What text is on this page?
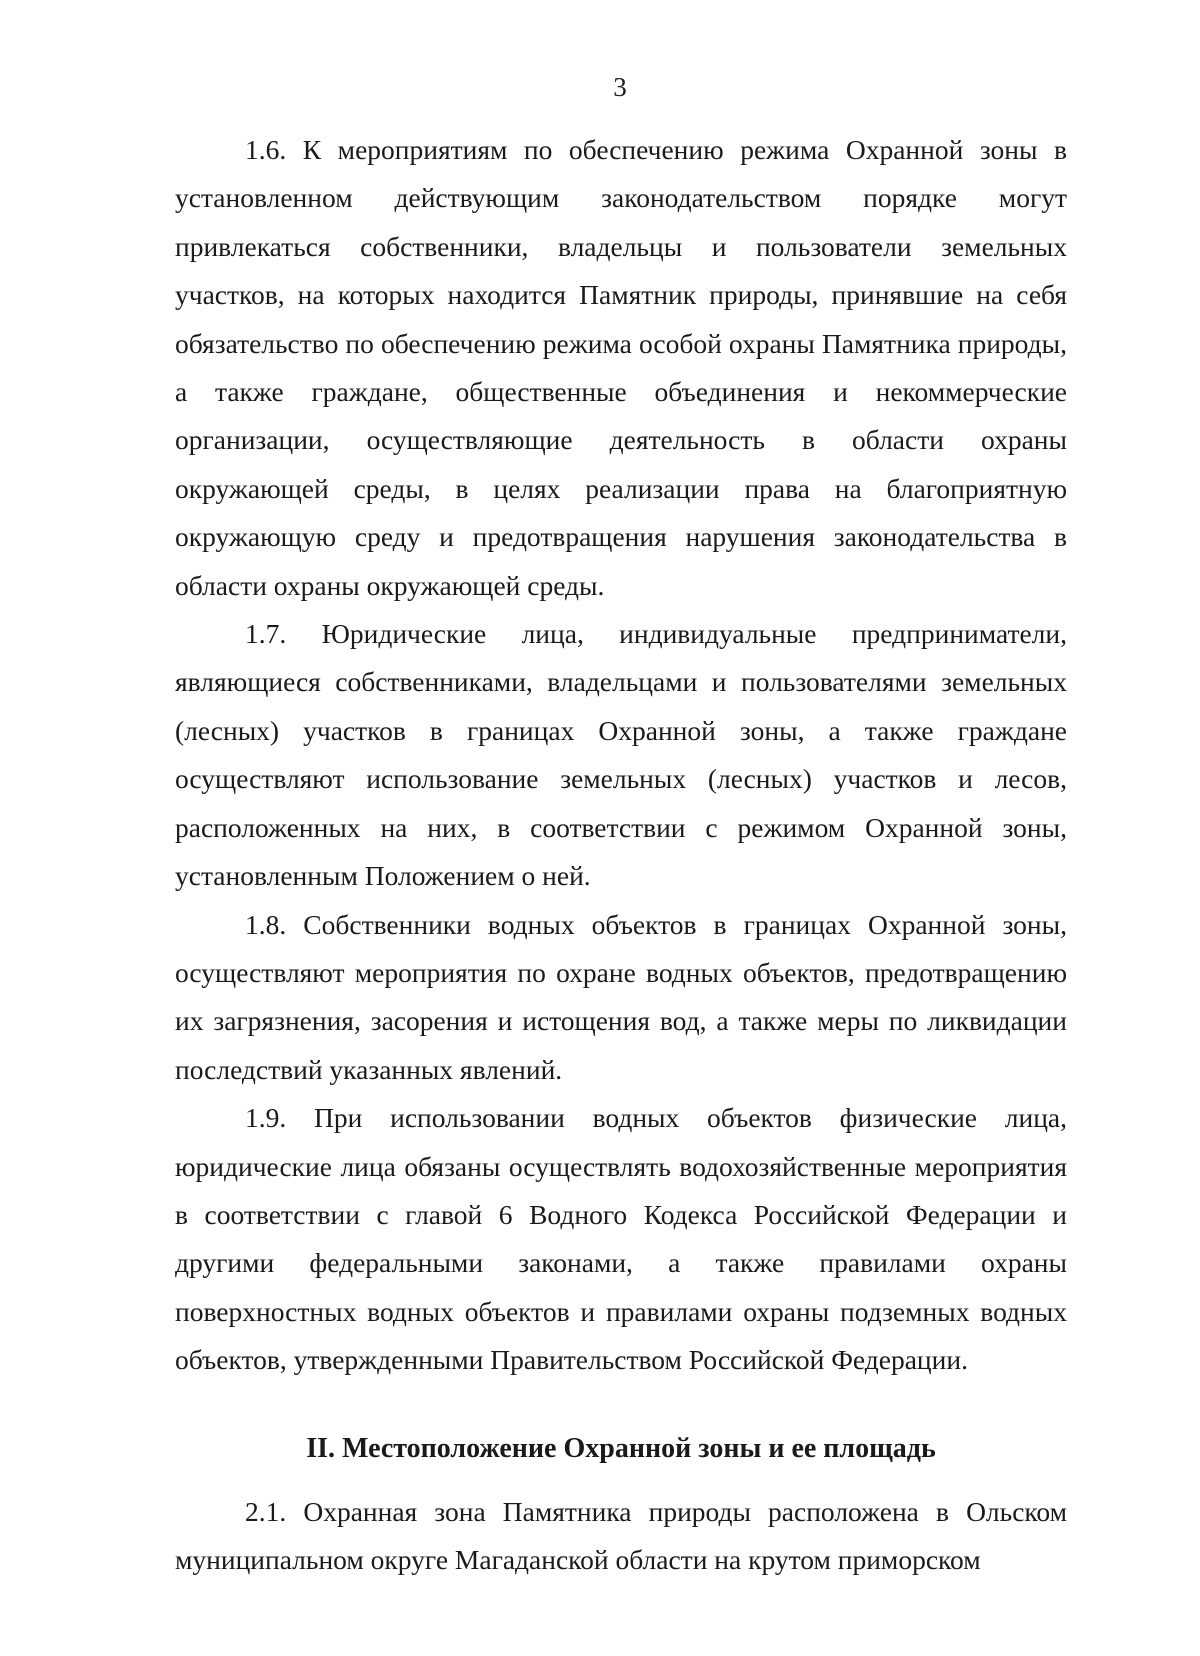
3

1.6. К мероприятиям по обеспечению режима Охранной зоны в установленном действующим законодательством порядке могут привлекаться собственники, владельцы и пользователи земельных участков, на которых находится Памятник природы, принявшие на себя обязательство по обеспечению режима особой охраны Памятника природы, а также граждане, общественные объединения и некоммерческие организации, осуществляющие деятельность в области охраны окружающей среды, в целях реализации права на благоприятную окружающую среду и предотвращения нарушения законодательства в области охраны окружающей среды.

1.7. Юридические лица, индивидуальные предприниматели, являющиеся собственниками, владельцами и пользователями земельных (лесных) участков в границах Охранной зоны, а также граждане осуществляют использование земельных (лесных) участков и лесов, расположенных на них, в соответствии с режимом Охранной зоны, установленным Положением о ней.

1.8. Собственники водных объектов в границах Охранной зоны, осуществляют мероприятия по охране водных объектов, предотвращению их загрязнения, засорения и истощения вод, а также меры по ликвидации последствий указанных явлений.

1.9. При использовании водных объектов физические лица, юридические лица обязаны осуществлять водохозяйственные мероприятия в соответствии с главой 6 Водного Кодекса Российской Федерации и другими федеральными законами, а также правилами охраны поверхностных водных объектов и правилами охраны подземных водных объектов, утвержденными Правительством Российской Федерации.

II. Местоположение Охранной зоны и ее площадь

2.1. Охранная зона Памятника природы расположена в Ольском муниципальном округе Магаданской области на крутом приморском
